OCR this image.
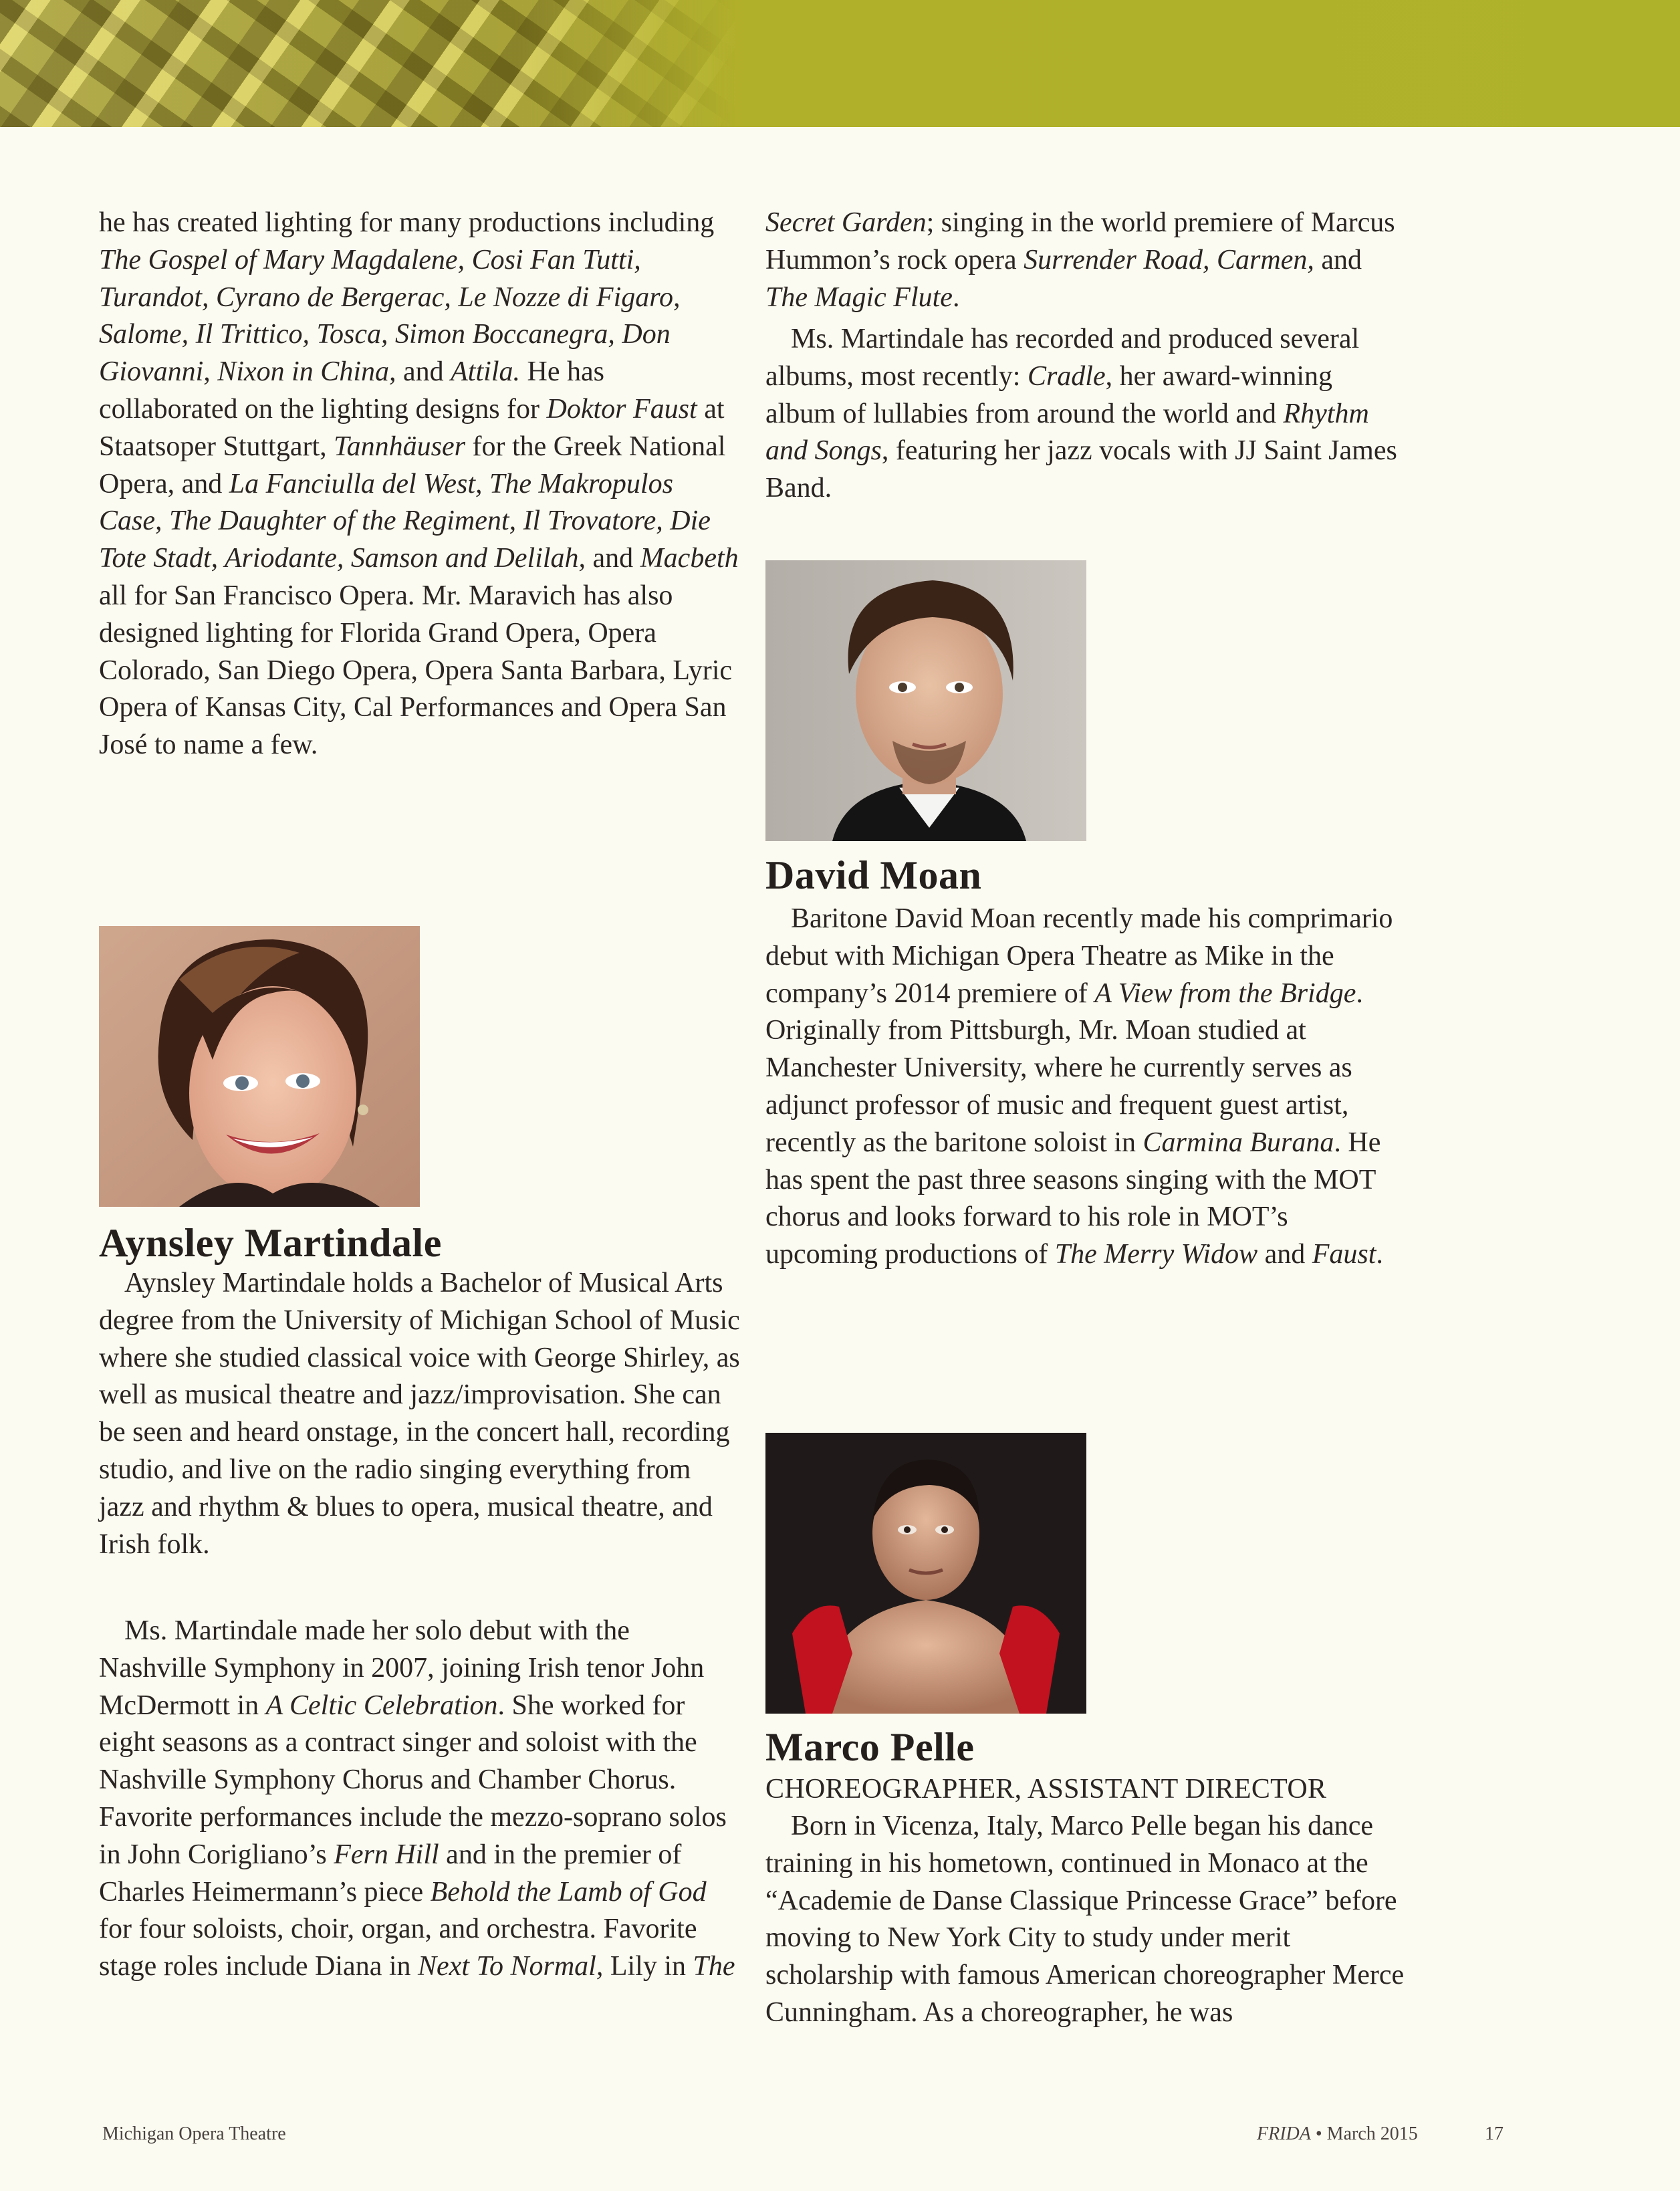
he has created lighting for many productions including The Gospel of Mary Magdalene, Cosi Fan Tutti, Turandot, Cyrano de Bergerac, Le Nozze di Figaro, Salome, Il Trittico, Tosca, Simon Boccanegra, Don Giovanni, Nixon in China, and Attila. He has collaborated on the lighting designs for Doktor Faust at Staatsoper Stuttgart, Tannhäuser for the Greek National Opera, and La Fanciulla del West, The Makropulos Case, The Daughter of the Regiment, Il Trovatore, Die Tote Stadt, Ariodante, Samson and Delilah, and Macbeth all for San Francisco Opera. Mr. Maravich has also designed lighting for Florida Grand Opera, Opera Colorado, San Diego Opera, Opera Santa Barbara, Lyric Opera of Kansas City, Cal Performances and Opera San José to name a few.

Aynsley Martindale

Aynsley Martindale holds a Bachelor of Musical Arts degree from the University of Michigan School of Music where she studied classical voice with George Shirley, as well as musical theatre and jazz/improvisation. She can be seen and heard onstage, in the concert hall, recording studio, and live on the radio singing everything from jazz and rhythm & blues to opera, musical theatre, and Irish folk.

Ms. Martindale made her solo debut with the Nashville Symphony in 2007, joining Irish tenor John McDermott in A Celtic Celebration. She worked for eight seasons as a contract singer and soloist with the Nashville Symphony Chorus and Chamber Chorus. Favorite performances include the mezzo-soprano solos in John Corigliano’s Fern Hill and in the premier of Charles Heimermann’s piece Behold the Lamb of God for four soloists, choir, organ, and orchestra. Favorite stage roles include Diana in Next To Normal, Lily in The

Secret Garden; singing in the world premiere of Marcus Hummon’s rock opera Surrender Road, Carmen, and The Magic Flute.

Ms. Martindale has recorded and produced several albums, most recently: Cradle, her award-winning album of lullabies from around the world and Rhythm and Songs, featuring her jazz vocals with JJ Saint James Band.

David Moan

Baritone David Moan recently made his comprimario debut with Michigan Opera Theatre as Mike in the company’s 2014 premiere of A View from the Bridge. Originally from Pittsburgh, Mr. Moan studied at Manchester University, where he currently serves as adjunct professor of music and frequent guest artist, recently as the baritone soloist in Carmina Burana. He has spent the past three seasons singing with the MOT chorus and looks forward to his role in MOT’s upcoming productions of The Merry Widow and Faust.

Marco Pelle
CHOREOGRAPHER, ASSISTANT DIRECTOR

Born in Vicenza, Italy, Marco Pelle began his dance training in his hometown, continued in Monaco at the “Academie de Danse Classique Princesse Grace” before moving to New York City to study under merit scholarship with famous American choreographer Merce Cunningham. As a choreographer, he was

Michigan Opera Theatre	FRIDA • March 2015	17
